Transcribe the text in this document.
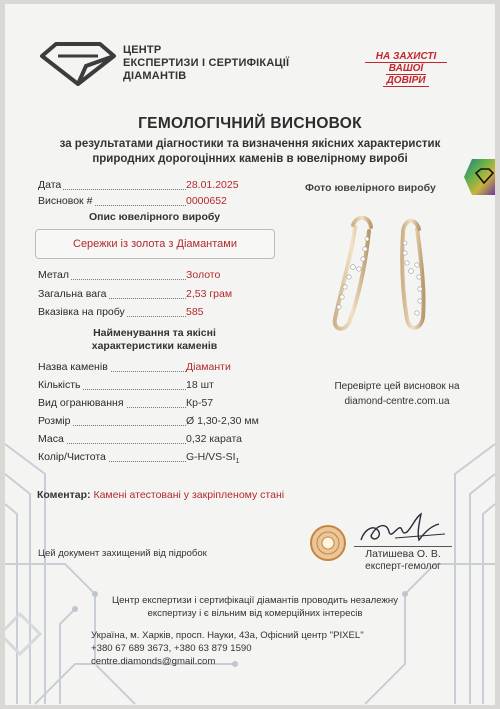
ЦЕНТР
ЕКСПЕРТИЗИ І СЕРТИФІКАЦІЇ
ДІАМАНТІВ
НА ЗАХИСТІ
ВАШОЇ
ДОВІРИ
ГЕМОЛОГІЧНИЙ ВИСНОВОК
за результатами діагностики та визначення якісних характеристик
природних дорогоцінних каменів в ювелірному виробі
Дата	28.01.2025
Висновок #	0000652
Опис ювелірного виробу
Сережки із золота з Діамантами
Метал	Золото
Загальна вага	2,53 грам
Вказівка на пробу	585
Найменування та якісні
характеристики каменів
Назва каменів	Діаманти
Кількість	18 шт
Вид огранювання	Кр-57
Розмір	Ø 1,30-2,30 мм
Маса	0,32 карата
Колір/Чистота	$G-H/VS-SI_1$
Фото ювелірного виробу
Перевірте цей висновок на
diamond-centre.com.ua
Коментар: Камені атестовані у закріпленому стані
Цей документ захищений від підробок	Латишева О. В.
експерт-гемолог
Центр експертизи і сертифікації діамантів проводить незалежну
експертизу і є вільним від комерційних інтересів
Україна, м. Харків, просп. Науки, 43а, Офісний центр "PIXEL"
+380 67 689 3673, +380 63 879 1590
centre.diamonds@gmail.com
